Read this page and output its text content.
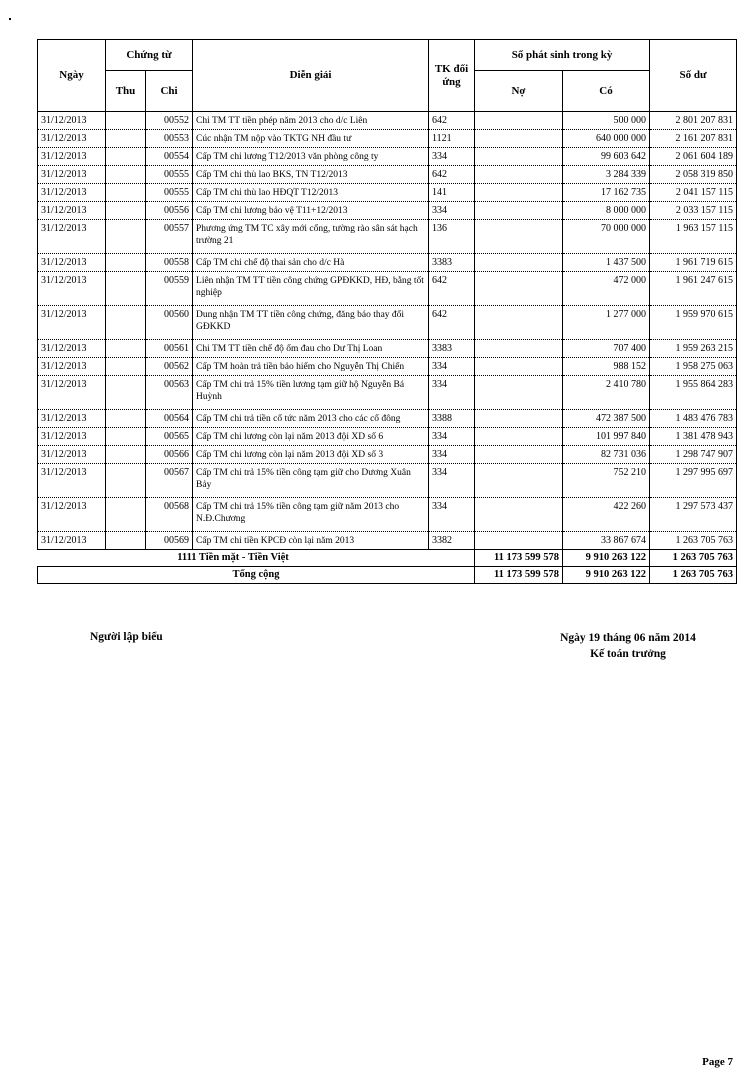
Ngày	Chứng từ		Diễn giải	TK đối ứng	Số phát sinh trong kỳ		Số dư
	Thu	Chi			Nợ	Có	
31/12/2013		00552	Chi TM TT tiền phép năm 2013 cho d/c Liên	642		500 000	2 801 207 831
31/12/2013		00553	Cúc nhận TM nộp vào TKTG NH đầu tư	1121		640 000 000	2 161 207 831
31/12/2013		00554	Cấp TM chi lương T12/2013 văn phòng công ty	334		99 603 642	2 061 604 189
31/12/2013		00555	Cấp TM chi thù lao BKS, TN T12/2013	642		3 284 339	2 058 319 850
31/12/2013		00555	Cấp TM chi thù lao HĐQT T12/2013	141		17 162 735	2 041 157 115
31/12/2013		00556	Cấp TM chi lương bảo vệ T11+12/2013	334		8 000 000	2 033 157 115
31/12/2013		00557	Phương ứng TM TC xây mới cổng, tường rào sân sát hạch trường 21	136		70 000 000	1 963 157 115
31/12/2013		00558	Cấp TM chi chế độ thai sản cho d/c Hà	3383		1 437 500	1 961 719 615
31/12/2013		00559	Liên nhận TM TT tiền công chứng GPĐKKD, HĐ, bằng tốt nghiệp	642		472 000	1 961 247 615
31/12/2013		00560	Dung nhận TM TT tiền công chứng, đăng báo thay đổi GĐKKD	642		1 277 000	1 959 970 615
31/12/2013		00561	Chi TM TT tiền chế độ ốm đau cho Dư Thị Loan	3383		707 400	1 959 263 215
31/12/2013		00562	Cấp TM hoàn trả tiền bảo hiểm cho Nguyễn Thị Chiến	334		988 152	1 958 275 063
31/12/2013		00563	Cấp TM chi trả 15% tiền lương tạm giữ hộ Nguyễn Bá Huỳnh	334		2 410 780	1 955 864 283
31/12/2013		00564	Cấp TM chi trả tiền cổ tức năm 2013 cho các cổ đông	3388		472 387 500	1 483 476 783
31/12/2013		00565	Cấp TM chi lương còn lại năm 2013 đội XD số 6	334		101 997 840	1 381 478 943
31/12/2013		00566	Cấp TM chi lương còn lại năm 2013 đội XD số 3	334		82 731 036	1 298 747 907
31/12/2013		00567	Cấp TM chi trả 15% tiền công tạm giữ cho Dương Xuân Bảy	334		752 210	1 297 995 697
31/12/2013		00568	Cấp TM chi trả 15% tiền công tạm giữ năm 2013 cho N.Đ.Chương	334		422 260	1 297 573 437
31/12/2013		00569	Cấp TM chi tiền KPCĐ còn lại năm 2013	3382		33 867 674	1 263 705 763
1111 Tiền mặt - Tiền Việt					11 173 599 578	9 910 263 122	1 263 705 763
Tổng cộng					11 173 599 578	9 910 263 122	1 263 705 763
Người lập biểu	Ngày 19 tháng 06 năm 2014
Kế toán trưởng
Page 7
